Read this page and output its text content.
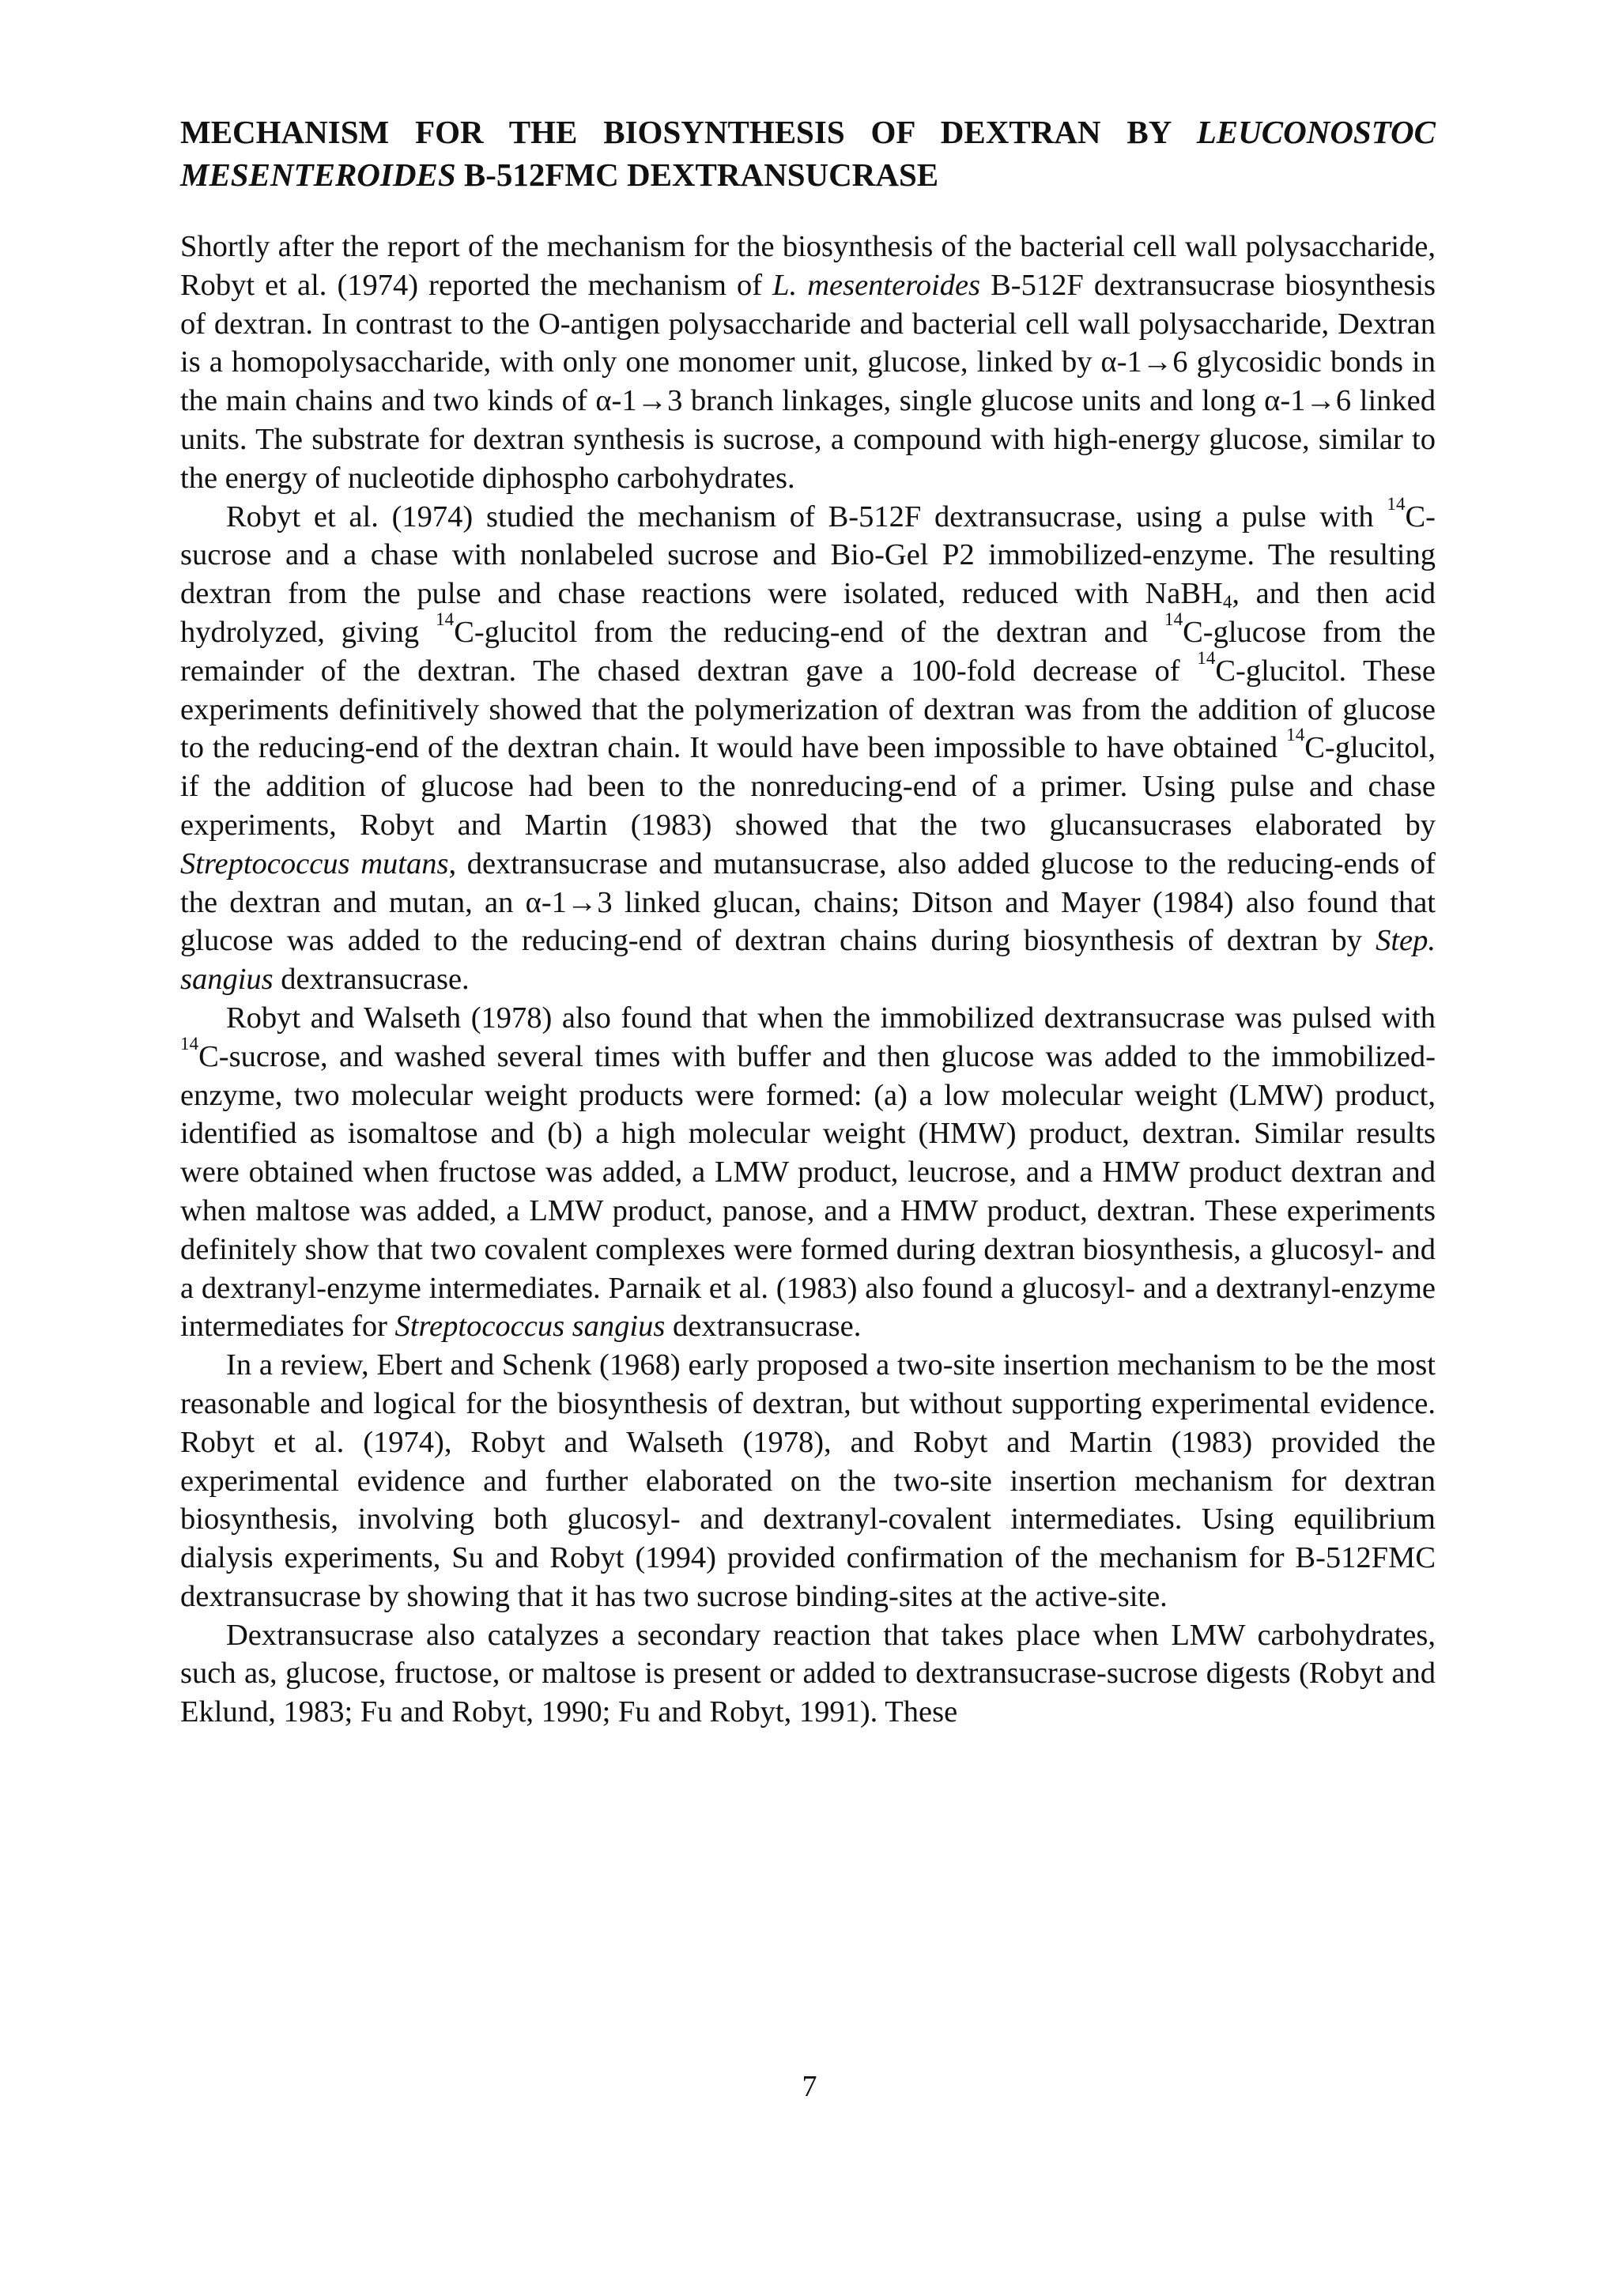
MECHANISM FOR THE BIOSYNTHESIS OF DEXTRAN BY LEUCONOSTOC MESENTEROIDES B-512FMC DEXTRANSUCRASE

Shortly after the report of the mechanism for the biosynthesis of the bacterial cell wall polysaccharide, Robyt et al. (1974) reported the mechanism of L. mesenteroides B-512F dextransucrase biosynthesis of dextran. In contrast to the O-antigen polysaccharide and bacterial cell wall polysaccharide, Dextran is a homopolysaccharide, with only one monomer unit, glucose, linked by α-1→6 glycosidic bonds in the main chains and two kinds of α-1→3 branch linkages, single glucose units and long α-1→6 linked units. The substrate for dextran synthesis is sucrose, a compound with high-energy glucose, similar to the energy of nucleotide diphospho carbohydrates.

Robyt et al. (1974) studied the mechanism of B-512F dextransucrase, using a pulse with $^{14}$C-sucrose and a chase with nonlabeled sucrose and Bio-Gel P2 immobilized-enzyme. The resulting dextran from the pulse and chase reactions were isolated, reduced with NaBH$_4$, and then acid hydrolyzed, giving $^{14}$C-glucitol from the reducing-end of the dextran and $^{14}$C-glucose from the remainder of the dextran. The chased dextran gave a 100-fold decrease of $^{14}$C-glucitol. These experiments definitively showed that the polymerization of dextran was from the addition of glucose to the reducing-end of the dextran chain. It would have been impossible to have obtained $^{14}$C-glucitol, if the addition of glucose had been to the nonreducing-end of a primer. Using pulse and chase experiments, Robyt and Martin (1983) showed that the two glucansucrases elaborated by Streptococcus mutans, dextransucrase and mutansucrase, also added glucose to the reducing-ends of the dextran and mutan, an α-1→3 linked glucan, chains; Ditson and Mayer (1984) also found that glucose was added to the reducing-end of dextran chains during biosynthesis of dextran by Step. sangius dextransucrase.

Robyt and Walseth (1978) also found that when the immobilized dextransucrase was pulsed with $^{14}$C-sucrose, and washed several times with buffer and then glucose was added to the immobilized-enzyme, two molecular weight products were formed: (a) a low molecular weight (LMW) product, identified as isomaltose and (b) a high molecular weight (HMW) product, dextran. Similar results were obtained when fructose was added, a LMW product, leucrose, and a HMW product dextran and when maltose was added, a LMW product, panose, and a HMW product, dextran. These experiments definitely show that two covalent complexes were formed during dextran biosynthesis, a glucosyl- and a dextranyl-enzyme intermediates. Parnaik et al. (1983) also found a glucosyl- and a dextranyl-enzyme intermediates for Streptococcus sangius dextransucrase.

In a review, Ebert and Schenk (1968) early proposed a two-site insertion mechanism to be the most reasonable and logical for the biosynthesis of dextran, but without supporting experimental evidence. Robyt et al. (1974), Robyt and Walseth (1978), and Robyt and Martin (1983) provided the experimental evidence and further elaborated on the two-site insertion mechanism for dextran biosynthesis, involving both glucosyl- and dextranyl-covalent intermediates. Using equilibrium dialysis experiments, Su and Robyt (1994) provided confirmation of the mechanism for B-512FMC dextransucrase by showing that it has two sucrose binding-sites at the active-site.

Dextransucrase also catalyzes a secondary reaction that takes place when LMW carbohydrates, such as, glucose, fructose, or maltose is present or added to dextransucrase-sucrose digests (Robyt and Eklund, 1983; Fu and Robyt, 1990; Fu and Robyt, 1991). These

7
